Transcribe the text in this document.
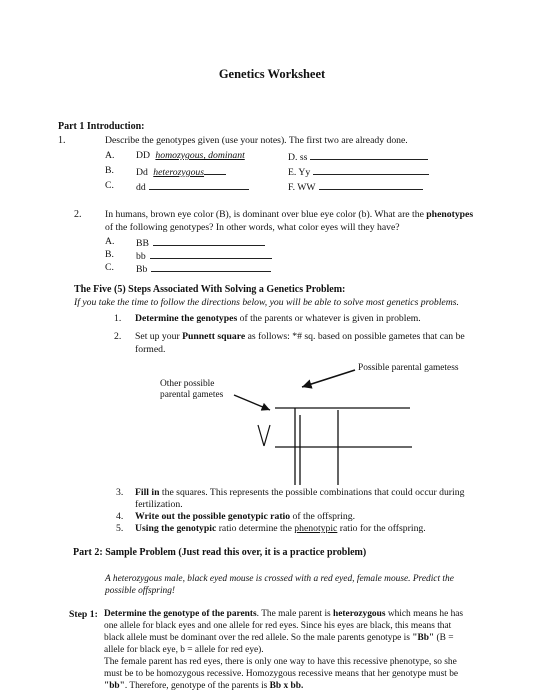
Genetics Worksheet
Part 1 Introduction:
1.	Describe the genotypes given (use your notes). The first two are already done.
A. DD homozygous, dominant
B. Dd heterozygous
C. dd
D. ss
E. Yy
F. WW
2. In humans, brown eye color (B), is dominant over blue eye color (b). What are the phenotypes
of the following genotypes? In other words, what color eyes will they have?
A. BB
B. bb
C. Bb
The Five (5) Steps Associated With Solving a Genetics Problem:
If you take the time to follow the directions below, you will be able to solve most genetics problems.
1. Determine the genotypes of the parents or whatever is given in problem.
2. Set up your Punnett square as follows: *# sq. based on possible gametes that can be
formed.
Possible parental gametess
Other possible
parental gametes
3. Fill in the squares. This represents the possible combinations that could occur during
fertilization.
4. Write out the possible genotypic ratio of the offspring.
5. Using the genotypic ratio determine the phenotypic ratio for the offspring.
Part 2: Sample Problem (Just read this over, it is a practice problem)
A heterozygous male, black eyed mouse is crossed with a red eyed, female mouse. Predict the
possible offspring!
Step 1: Determine the genotype of the parents. The male parent is heterozygous which means he has
one allele for black eyes and one allele for red eyes. Since his eyes are black, this means that
black allele must be dominant over the red allele. So the male parents genotype is "Bb" (B =
allele for black eye, b = allele for red eye).
The female parent has red eyes, there is only one way to have this recessive phenotype, so she
must be to be homozygous recessive. Homozygous recessive means that her genotype must be
"bb". Therefore, genotype of the parents is Bb x bb.
